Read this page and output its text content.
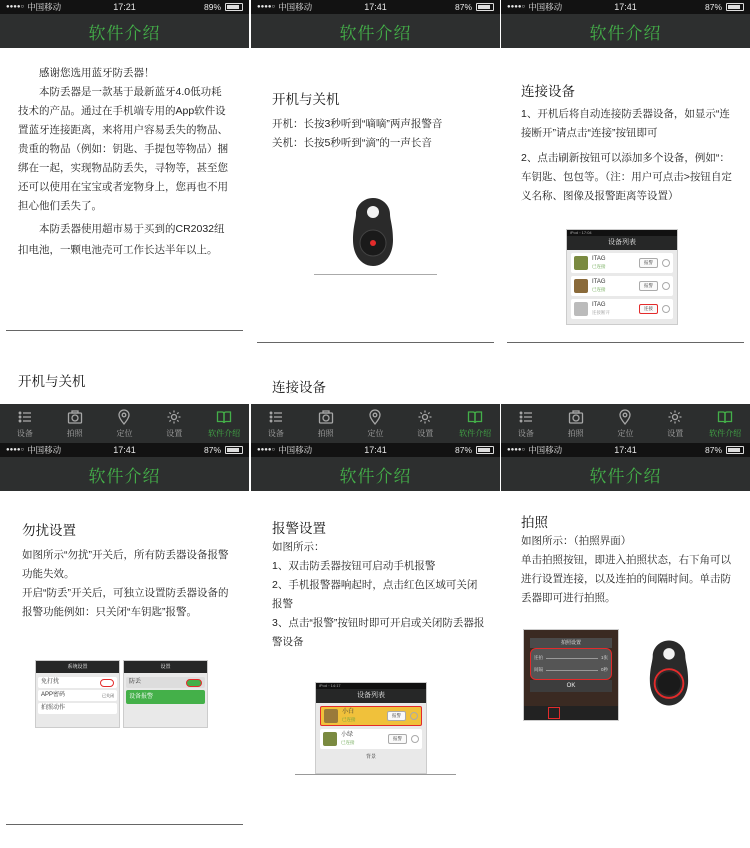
●●●●○ 中国移动	17:21	89%
软件介绍

感谢您选用蓝牙防丢器！

本防丢器是一款基于最新蓝牙4.0低功耗技术的产品。通过在手机端专用的App软件设置蓝牙连接距离，来将用户容易丢失的物品、贵重的物品（例如：钥匙、手提包等物品）捆绑在一起，实现物品防丢失，寻物等，甚至您还可以使用在宝宝或者宠物身上，您再也不用担心他们丢失了。

本防丢器使用超市易于买到的CR2032纽扣电池，一颗电池壳可工作长达半年以上。

开机与关机
设备	拍照	定位	设置	软件介绍
●●●●○ 中国移动	17:41	87%
软件介绍
开机与关机

开机：长按3秒听到“嘀嘀”两声报警音

关机：长按5秒听到“滴”的一声长音

连接设备
设备	拍照	定位	设置	软件介绍
●●●●○ 中国移动	17:41	87%
软件介绍
连接设备

1、开机后将自动连接防丢器设备，如显示“连接断开”请点击“连接”按钮即可

2、点击刷新按钮可以添加多个设备，例如“：车钥匙、包包等。（注：用户可点击>按钮自定义名称、图像及报警距离等设置）

iPod ◦ 17:04
设备列表
ITAG
已连接
报警
ITAG
已连接
报警
ITAG
连接断开
连接
设备	拍照	定位	设置	软件介绍
●●●●○ 中国移动	17:41	87%
软件介绍
勿扰设置

如图所示“勿扰”开关后，所有防丢器设备报警功能失效。

开启“防丢”开关后，可独立设置防丢器设备的报警功能例如：只关闭“车钥匙”报警。

系统设置
免打扰
APP密码	已关闭
拍照动作
设置
防丢
设备报警
●●●●○ 中国移动	17:41	87%
软件介绍
报警设置

如图所示：

1、双击防丢器按钮可启动手机报警

2、手机报警器响起时，点击红色区域可关闭报警

3、点击“报警”按钮时即可开启或关闭防丢器报警设备

iPod ◦ 14:17
设备列表
小白
已连接
报警
小绿
已连接
报警
背景
●●●●○ 中国移动	17:41	87%
软件介绍
拍照

如图所示：（拍照界面）

单击拍照按钮，即进入拍照状态，右下角可以进行设置连接，以及连拍的间隔时间。单击防丢器即可进行拍照。

拍照设置
连拍	1张
间隔	0秒
OK
